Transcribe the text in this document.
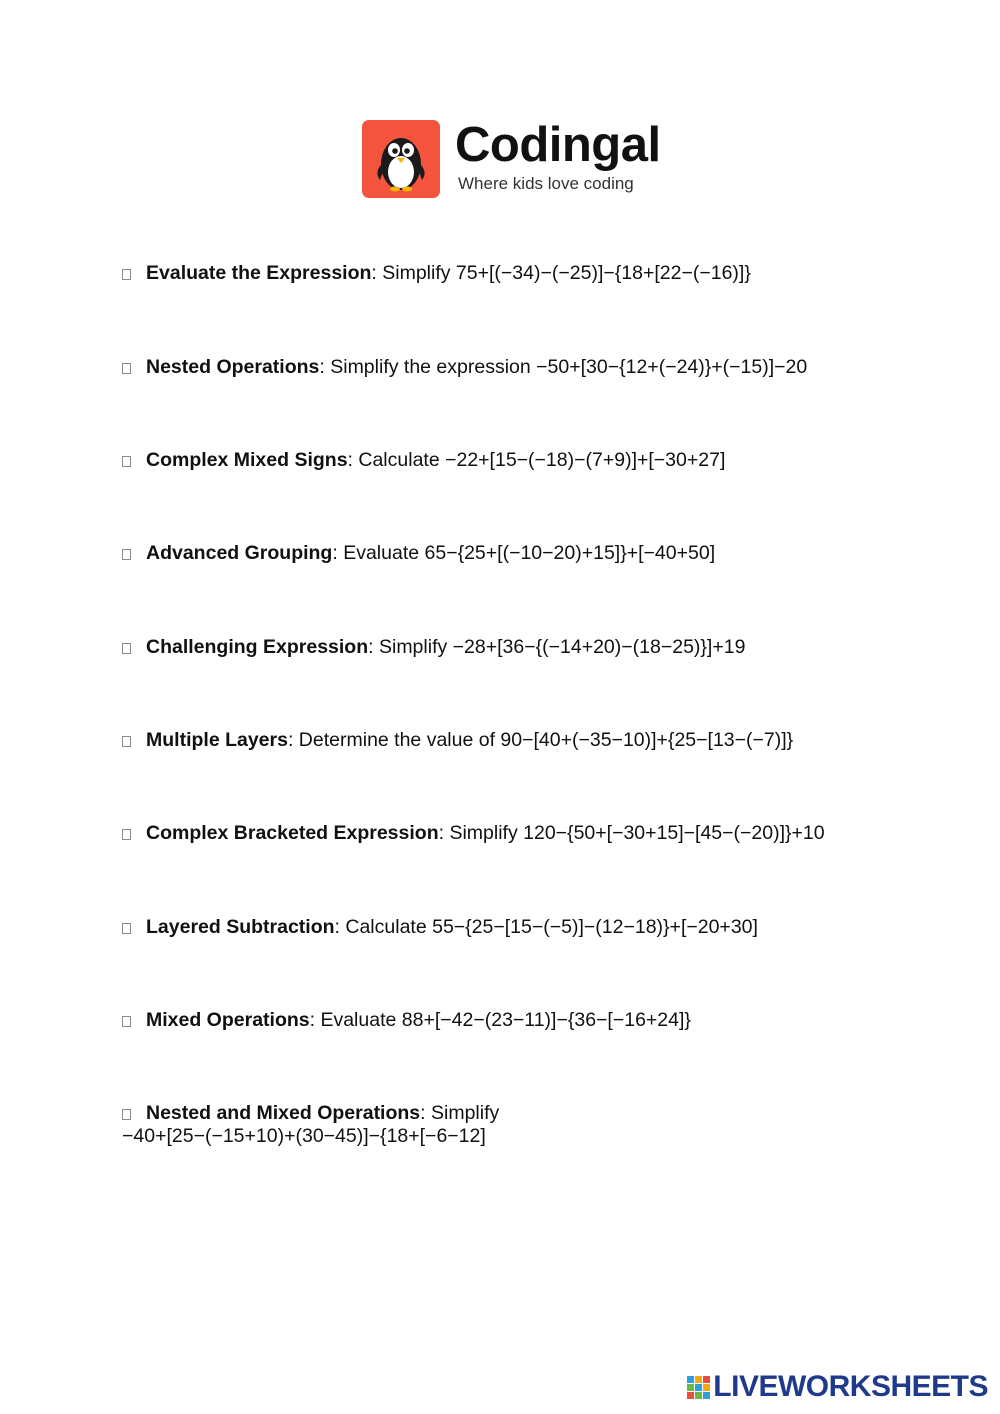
Codingal
Where kids love coding
Evaluate the Expression: Simplify 75+[(−34)−(−25)]−{18+[22−(−16)]}
Nested Operations: Simplify the expression −50+[30−{12+(−24)}+(−15)]−20
Complex Mixed Signs: Calculate −22+[15−(−18)−(7+9)]+[−30+27]
Advanced Grouping: Evaluate 65−{25+[(−10−20)+15]}+[−40+50]
Challenging Expression: Simplify −28+[36−{(−14+20)−(18−25)}]+19
Multiple Layers: Determine the value of 90−[40+(−35−10)]+{25−[13−(−7)]}
Complex Bracketed Expression: Simplify 120−{50+[−30+15]−[45−(−20)]}+10
Layered Subtraction: Calculate 55−{25−[15−(−5)]−(12−18)}+[−20+30]
Mixed Operations: Evaluate 88+[−42−(23−11)]−{36−[−16+24]}
Nested and Mixed Operations: Simplify
−40+[25−(−15+10)+(30−45)]−{18+[−6−12]
LIVEWORKSHEETS
